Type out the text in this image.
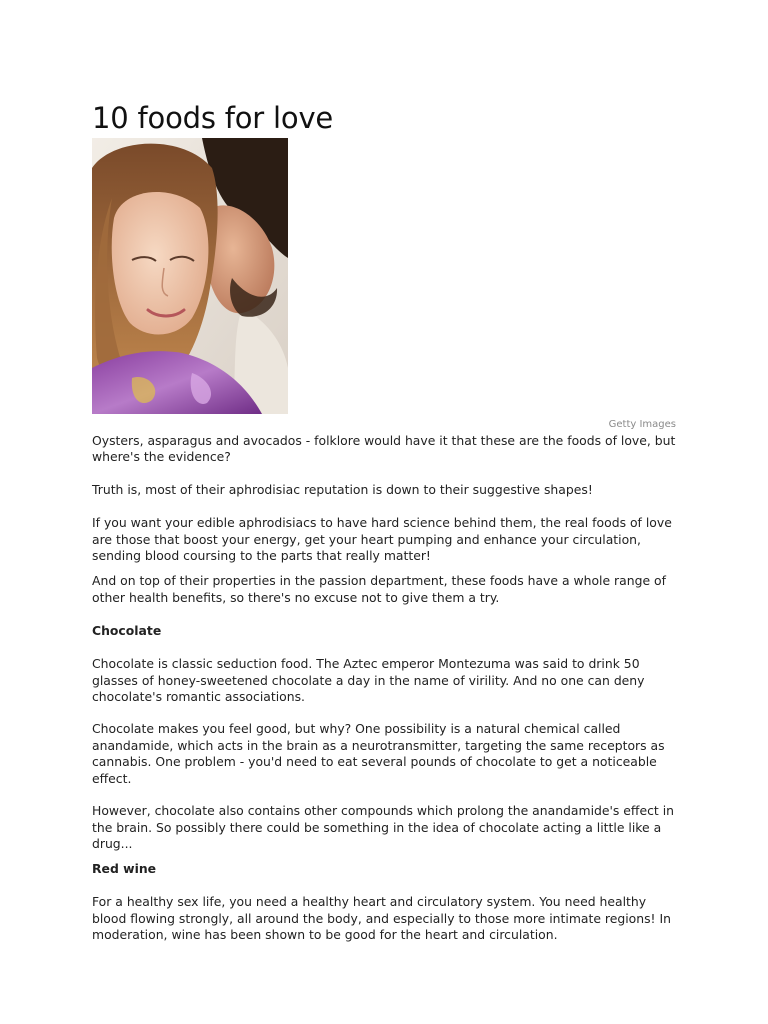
10 foods for love
Getty Images

Oysters, asparagus and avocados - folklore would have it that these are the foods of love, but where's the evidence?

Truth is, most of their aphrodisiac reputation is down to their suggestive shapes!

If you want your edible aphrodisiacs to have hard science behind them, the real foods of love are those that boost your energy, get your heart pumping and enhance your circulation, sending blood coursing to the parts that really matter!

And on top of their properties in the passion department, these foods have a whole range of other health benefits, so there's no excuse not to give them a try.

Chocolate

Chocolate is classic seduction food. The Aztec emperor Montezuma was said to drink 50 glasses of honey-sweetened chocolate a day in the name of virility. And no one can deny chocolate's romantic associations.

Chocolate makes you feel good, but why? One possibility is a natural chemical called anandamide, which acts in the brain as a neurotransmitter, targeting the same receptors as cannabis. One problem - you'd need to eat several pounds of chocolate to get a noticeable effect.

However, chocolate also contains other compounds which prolong the anandamide's effect in the brain. So possibly there could be something in the idea of chocolate acting a little like a drug...

Red wine

For a healthy sex life, you need a healthy heart and circulatory system. You need healthy blood flowing strongly, all around the body, and especially to those more intimate regions! In moderation, wine has been shown to be good for the heart and circulation.
